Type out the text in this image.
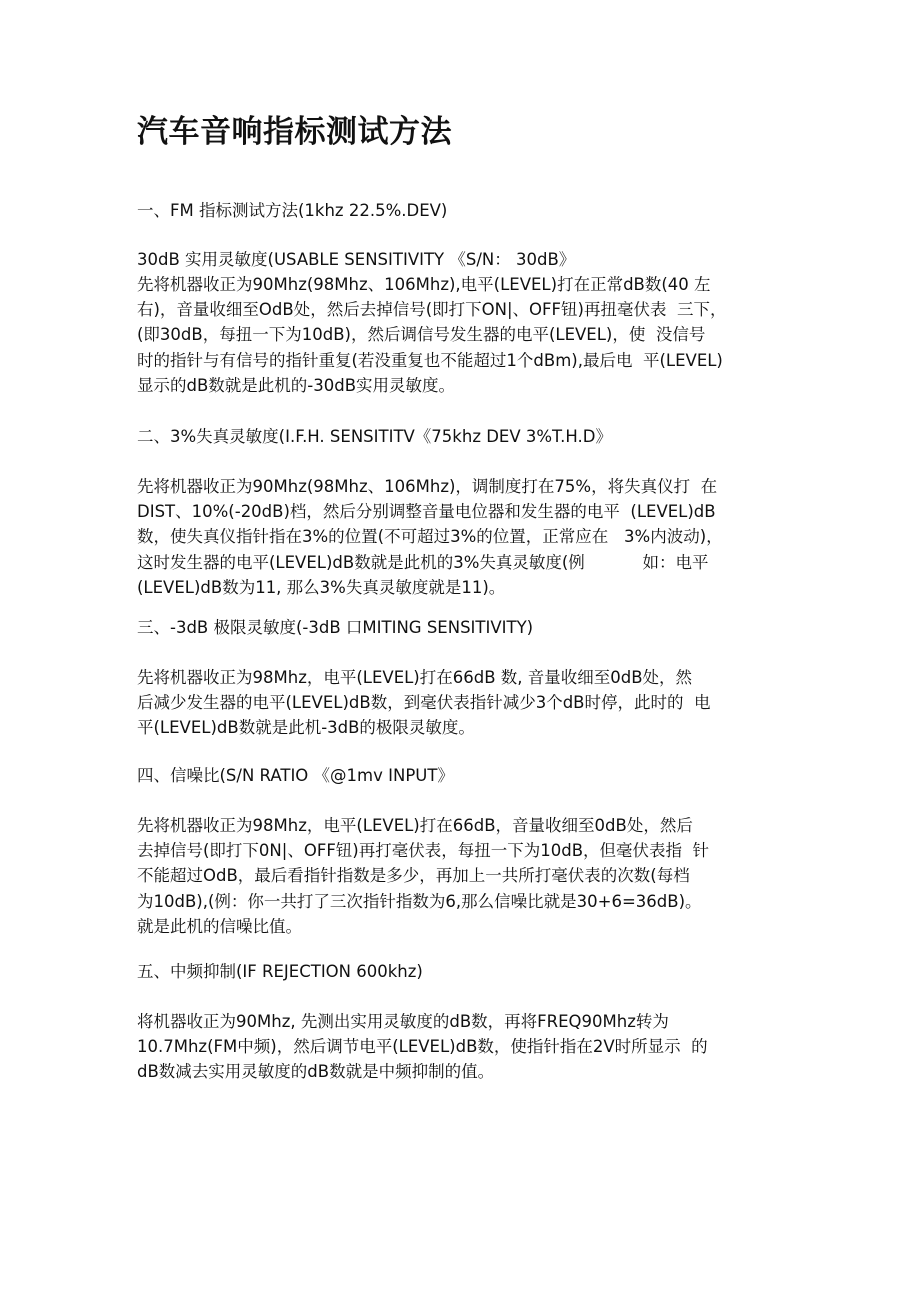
汽车音响指标测试方法

一、FM 指标测试方法(1khz 22.5%.DEV)

30dB 实用灵敏度(USABLE SENSITIVITY 《S/N： 30dB》

先将机器收正为90Mhz(98Mhz、106Mhz),电平(LEVEL)打在正常dB数(40 左
右)，音量收细至OdB处，然后去掉信号(即打下ON|、OFF钮)再扭毫伏表  三下，
(即30dB，每扭一下为10dB)，然后调信号发生器的电平(LEVEL)，使  没信号
时的指针与有信号的指针重复(若没重复也不能超过1个dBm),最后电  平(LEVEL)
显示的dB数就是此机的-30dB实用灵敏度。

二、3%失真灵敏度(I.F.H. SENSITITV《75khz DEV 3%T.H.D》

先将机器收正为90Mhz(98Mhz、106Mhz)，调制度打在75%，将失真仪打  在
DIST、10%(-20dB)档，然后分别调整音量电位器和发生器的电平  (LEVEL)dB
数，使失真仪指针指在3%的位置(不可超过3%的位置，正常应在   3%内波动)，
这时发生器的电平(LEVEL)dB数就是此机的3%失真灵敏度(例           如：电平
(LEVEL)dB数为11, 那么3%失真灵敏度就是11)。

三、-3dB 极限灵敏度(-3dB 口MITING SENSITIVITY)

先将机器收正为98Mhz，电平(LEVEL)打在66dB 数, 音量收细至0dB处，然
后减少发生器的电平(LEVEL)dB数，到毫伏表指针减少3个dB时停，此时的  电
平(LEVEL)dB数就是此机-3dB的极限灵敏度。

四、信噪比(S/N RATIO 《@1mv INPUT》

先将机器收正为98Mhz，电平(LEVEL)打在66dB，音量收细至0dB处，然后
去掉信号(即打下0N|、OFF钮)再打毫伏表，每扭一下为10dB，但毫伏表指  针
不能超过OdB，最后看指针指数是多少，再加上一共所打毫伏表的次数(每档
为10dB),(例：你一共打了三次指针指数为6,那么信噪比就是30+6=36dB)。
就是此机的信噪比值。

五、中频抑制(IF REJECTION 600khz)

将机器收正为90Mhz, 先测出实用灵敏度的dB数，再将FREQ90Mhz转为
10.7Mhz(FM中频)，然后调节电平(LEVEL)dB数，使指针指在2V时所显示  的
dB数减去实用灵敏度的dB数就是中频抑制的值。
